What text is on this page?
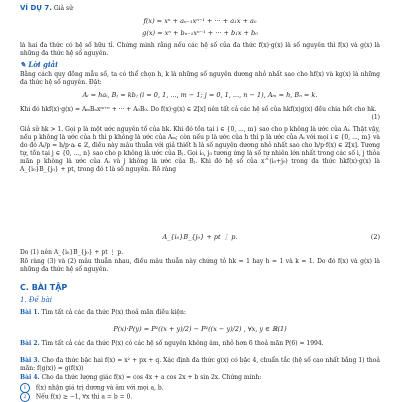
VÍ DỤ 7. Giả sử
f(x) = xⁿ + aₙ₋₁xⁿ⁻¹ + ··· + a₁x + a₀
g(x) = xⁿ + bₙ₋₁xⁿ⁻¹ + ··· + b₁x + b₀
là hai đa thức có hệ số hữu tỉ. Chứng minh rằng nếu các hệ số của đa thức f(x)·g(x) là số nguyên thì f(x) và g(x) là những đa thức hệ số nguyên.
✎ Lời giải
Bằng cách quy đồng mẫu số, ta có thể chọn h, k là những số nguyên dương nhỏ nhất sao cho hf(x) và kg(x) là những đa thức hệ số nguyên. Đặt:
Aᵢ = haᵢ, Bⱼ = kbⱼ (i = 0, 1, ..., m − 1; j = 0, 1, ..., n − 1), Aₘ = h, Bₙ = k.
Khi đó hkf(x)·g(x) = AₘBₙxᵐ⁺ⁿ + ··· + A₀B₀. Do f(x)·g(x) ∈ ℤ[x] nên tất cả các hệ số của hkf(x)g(x) đều chia hết cho hk.
(1)
Giả sử hk > 1. Gọi p là một ước nguyên tố của hk. Khi đó tồn tại i ∈ {0, ..., m} sao cho p không là ước của Aᵢ. Thật vậy, nếu p không là ước của h thì p không là ước của Aₘ; còn nếu p là ước của h thì p là ước của Aᵢ với mọi i ∈ {0, ..., m} và do đó Aᵢ/p = h/p·aᵢ ∈ ℤ, điều này mâu thuẫn với giả thiết h là số nguyên dương nhỏ nhất sao cho h/p·f(x) ∈ ℤ[x]. Tương tự, tồn tại j ∈ {0, ..., n} sao cho p không là ước của Bⱼ. Gọi i₀, j₀ tương ứng là số tự nhiên lớn nhất trong các số i, j thỏa mãn p không là ước của Aᵢ và j không là ước của Bⱼ. Khi đó hệ số của x^(i₀+j₀) trong đa thức hkf(x)·g(x) là A_{i₀}B_{j₀} + pt, trong đó t là số nguyên. Rõ ràng
A_{i₀}B_{j₀} + pt ⋮ p.	(2)
Do (1) nên A_{i₀}B_{j₀} + pt ⋮ p.
Rõ ràng (3) và (2) mâu thuẫn nhau, điều mâu thuẫn này chứng tỏ hk = 1 hay h = 1 và k = 1. Do đó f(x) và g(x) là những đa thức hệ số nguyên.
C. BÀI TẬP
1. Đề bài
Bài 1. Tìm tất cả các đa thức P(x) thoả mãn điều kiện:
P(x)·P(y) = P²((x + y)/2) − P²((x − y)/2) , ∀x, y ∈ ℝ(1)
Bài 2. Tìm tất cả các đa thức P(x) có các hệ số nguyên không âm, nhỏ hơn 6 thoả mãn P(6) = 1994.
Bài 3. Cho đa thức bậc hai f(x) = x² + px + q. Xác định đa thức g(x) có bậc 4, chuẩn tắc (hệ số cao nhất bằng 1) thoả mãn: f(g(x)) = g(f(x))
Bài 4. Cho đa thức lượng giác f(x) = cos 4x + a cos 2x + b sin 2x. Chứng minh:
1 f(x) nhận giá trị dương và âm với mọi a, b.
2 Nếu f(x) ≥ −1, ∀x thì a = b = 0.
